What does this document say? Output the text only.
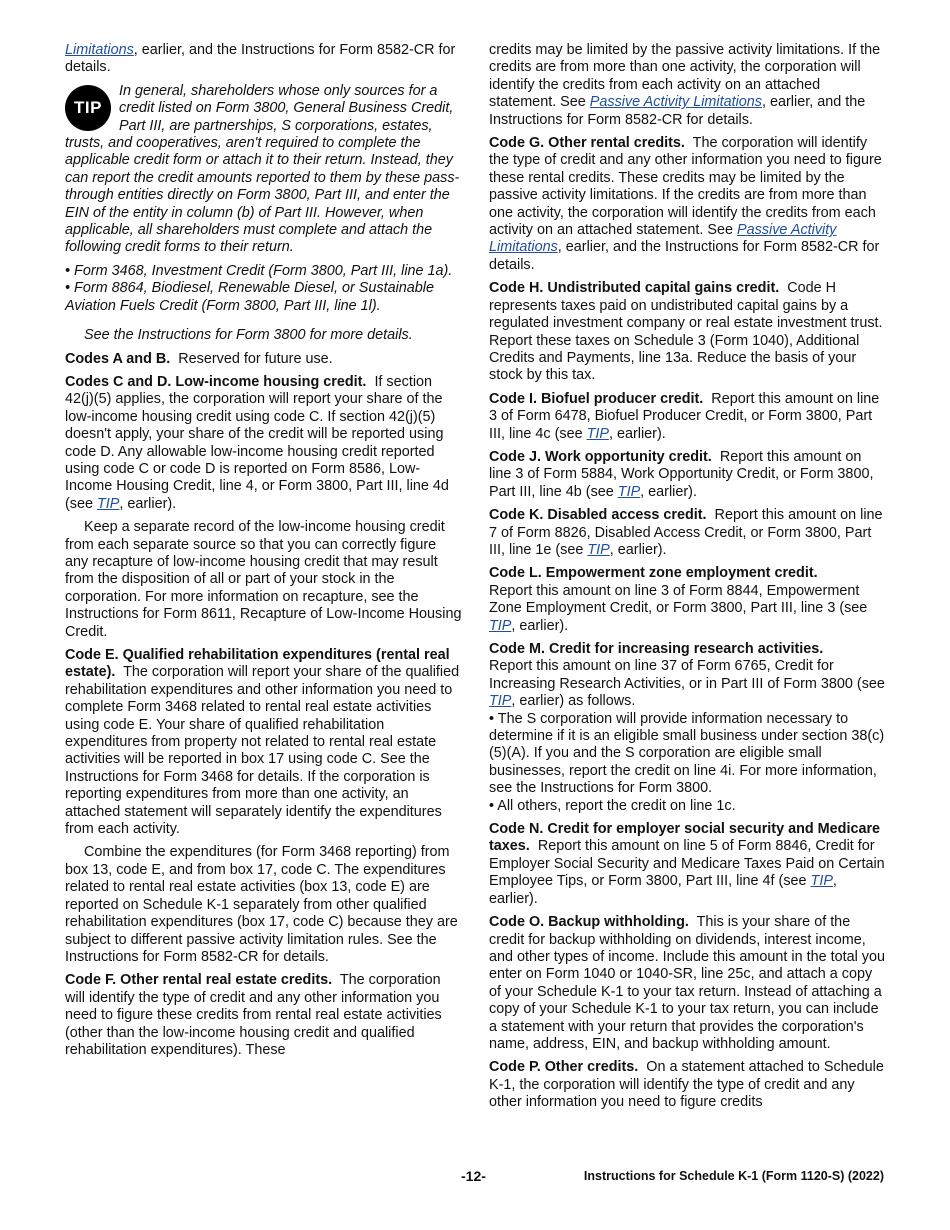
Limitations, earlier, and the Instructions for Form 8582-CR for details.

TIP
In general, shareholders whose only sources for a credit listed on Form 3800, General Business Credit, Part III, are partnerships, S corporations, estates, trusts, and cooperatives, aren't required to complete the applicable credit form or attach it to their return. Instead, they can report the credit amounts reported to them by these pass-through entities directly on Form 3800, Part III, and enter the EIN of the entity in column (b) of Part III. However, when applicable, all shareholders must complete and attach the following credit forms to their return.
• Form 3468, Investment Credit (Form 3800, Part III, line 1a).
• Form 8864, Biodiesel, Renewable Diesel, or Sustainable Aviation Fuels Credit (Form 3800, Part III, line 1l).

See the Instructions for Form 3800 for more details.

Codes A and B. Reserved for future use.

Codes C and D. Low-income housing credit. If section 42(j)(5) applies, the corporation will report your share of the low-income housing credit using code C. If section 42(j)(5) doesn't apply, your share of the credit will be reported using code D. Any allowable low-income housing credit reported using code C or code D is reported on Form 8586, Low-Income Housing Credit, line 4, or Form 3800, Part III, line 4d (see TIP, earlier).

Keep a separate record of the low-income housing credit from each separate source so that you can correctly figure any recapture of low-income housing credit that may result from the disposition of all or part of your stock in the corporation. For more information on recapture, see the Instructions for Form 8611, Recapture of Low-Income Housing Credit.

Code E. Qualified rehabilitation expenditures (rental real estate). The corporation will report your share of the qualified rehabilitation expenditures and other information you need to complete Form 3468 related to rental real estate activities using code E. Your share of qualified rehabilitation expenditures from property not related to rental real estate activities will be reported in box 17 using code C. See the Instructions for Form 3468 for details. If the corporation is reporting expenditures from more than one activity, an attached statement will separately identify the expenditures from each activity.

Combine the expenditures (for Form 3468 reporting) from box 13, code E, and from box 17, code C. The expenditures related to rental real estate activities (box 13, code E) are reported on Schedule K-1 separately from other qualified rehabilitation expenditures (box 17, code C) because they are subject to different passive activity limitation rules. See the Instructions for Form 8582-CR for details.

Code F. Other rental real estate credits. The corporation will identify the type of credit and any other information you need to figure these credits from rental real estate activities (other than the low-income housing credit and qualified rehabilitation expenditures). These

credits may be limited by the passive activity limitations. If the credits are from more than one activity, the corporation will identify the credits from each activity on an attached statement. See Passive Activity Limitations, earlier, and the Instructions for Form 8582-CR for details.

Code G. Other rental credits. The corporation will identify the type of credit and any other information you need to figure these rental credits. These credits may be limited by the passive activity limitations. If the credits are from more than one activity, the corporation will identify the credits from each activity on an attached statement. See Passive Activity Limitations, earlier, and the Instructions for Form 8582-CR for details.

Code H. Undistributed capital gains credit. Code H represents taxes paid on undistributed capital gains by a regulated investment company or real estate investment trust. Report these taxes on Schedule 3 (Form 1040), Additional Credits and Payments, line 13a. Reduce the basis of your stock by this tax.

Code I. Biofuel producer credit. Report this amount on line 3 of Form 6478, Biofuel Producer Credit, or Form 3800, Part III, line 4c (see TIP, earlier).

Code J. Work opportunity credit. Report this amount on line 3 of Form 5884, Work Opportunity Credit, or Form 3800, Part III, line 4b (see TIP, earlier).

Code K. Disabled access credit. Report this amount on line 7 of Form 8826, Disabled Access Credit, or Form 3800, Part III, line 1e (see TIP, earlier).

Code L. Empowerment zone employment credit.
Report this amount on line 3 of Form 8844, Empowerment Zone Employment Credit, or Form 3800, Part III, line 3 (see TIP, earlier).

Code M. Credit for increasing research activities.
Report this amount on line 37 of Form 6765, Credit for Increasing Research Activities, or in Part III of Form 3800 (see TIP, earlier) as follows.
• The S corporation will provide information necessary to determine if it is an eligible small business under section 38(c)(5)(A). If you and the S corporation are eligible small businesses, report the credit on line 4i. For more information, see the Instructions for Form 3800.
• All others, report the credit on line 1c.

Code N. Credit for employer social security and Medicare taxes. Report this amount on line 5 of Form 8846, Credit for Employer Social Security and Medicare Taxes Paid on Certain Employee Tips, or Form 3800, Part III, line 4f (see TIP, earlier).

Code O. Backup withholding. This is your share of the credit for backup withholding on dividends, interest income, and other types of income. Include this amount in the total you enter on Form 1040 or 1040-SR, line 25c, and attach a copy of your Schedule K-1 to your tax return. Instead of attaching a copy of your Schedule K-1 to your tax return, you can include a statement with your return that provides the corporation's name, address, EIN, and backup withholding amount.

Code P. Other credits. On a statement attached to Schedule K-1, the corporation will identify the type of credit and any other information you need to figure credits

-12-	Instructions for Schedule K-1 (Form 1120-S) (2022)
